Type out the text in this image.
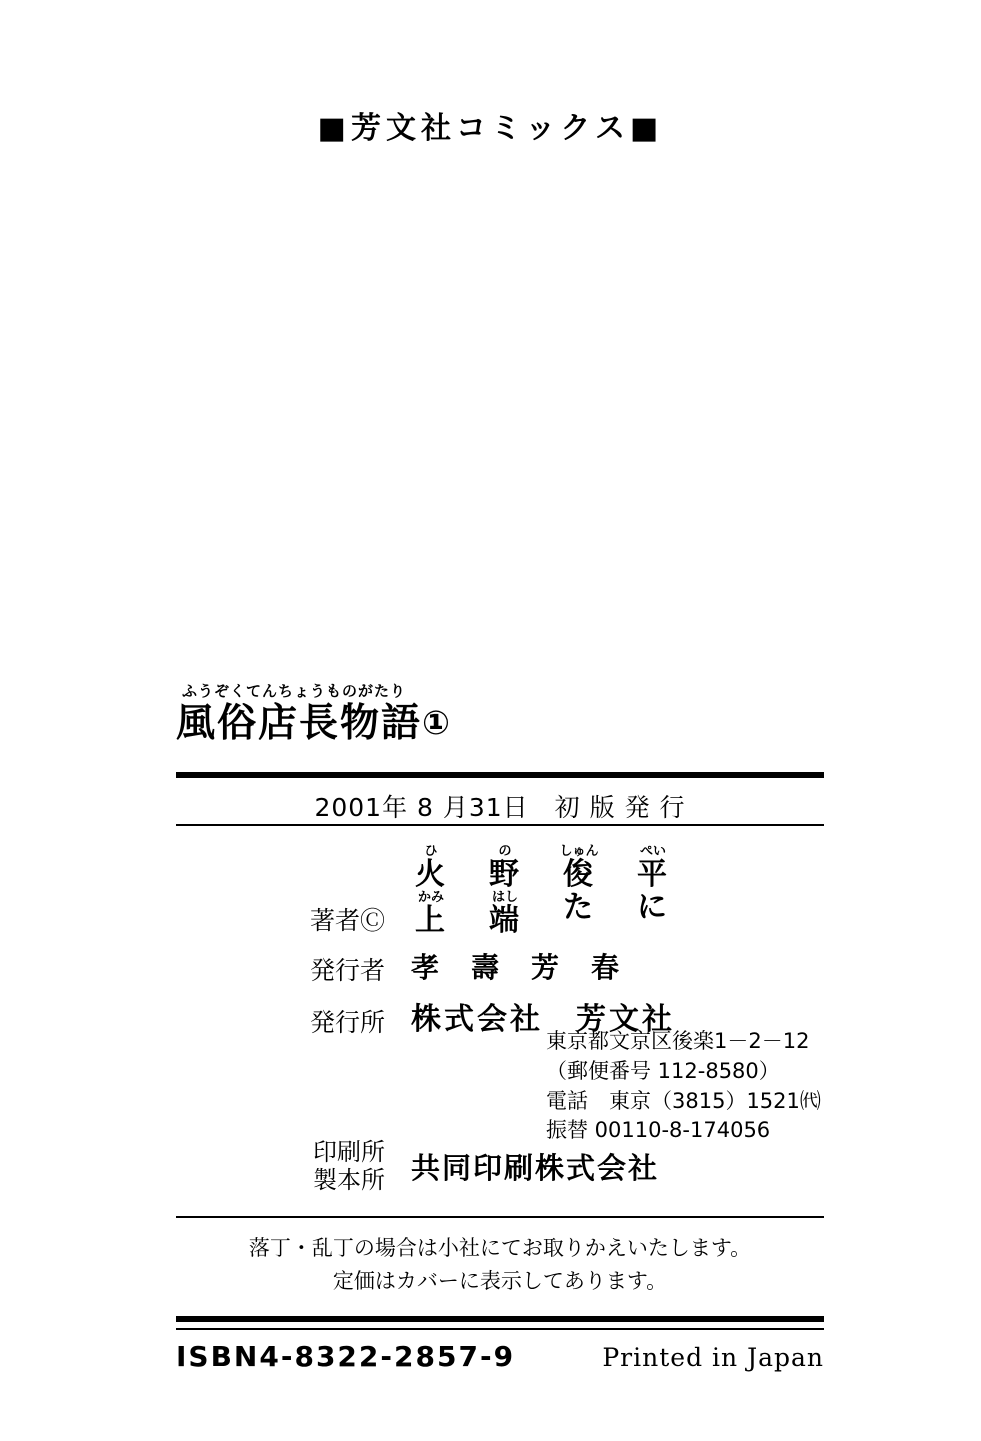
■芳文社コミックス■
ふうぞくてんちょうものがたり
風俗店長物語①
2001年 8 月31日　初 版 発 行
著者Ⓒ
ひ
火
の
野
しゅん
俊
ぺい
平
かみ
上
はし
端 た に
発行者 孝　壽　芳　春
発行所 株式会社　芳文社
東京都文京区後楽1－2－12
（郵便番号 112-8580）
電話　東京（3815）1521㈹
振替 00110-8-174056
印刷所
製本所 共同印刷株式会社
落丁・乱丁の場合は小社にてお取りかえいたします。
定価はカバーに表示してあります。
ISBN4-8322-2857-9	Printed in Japan
